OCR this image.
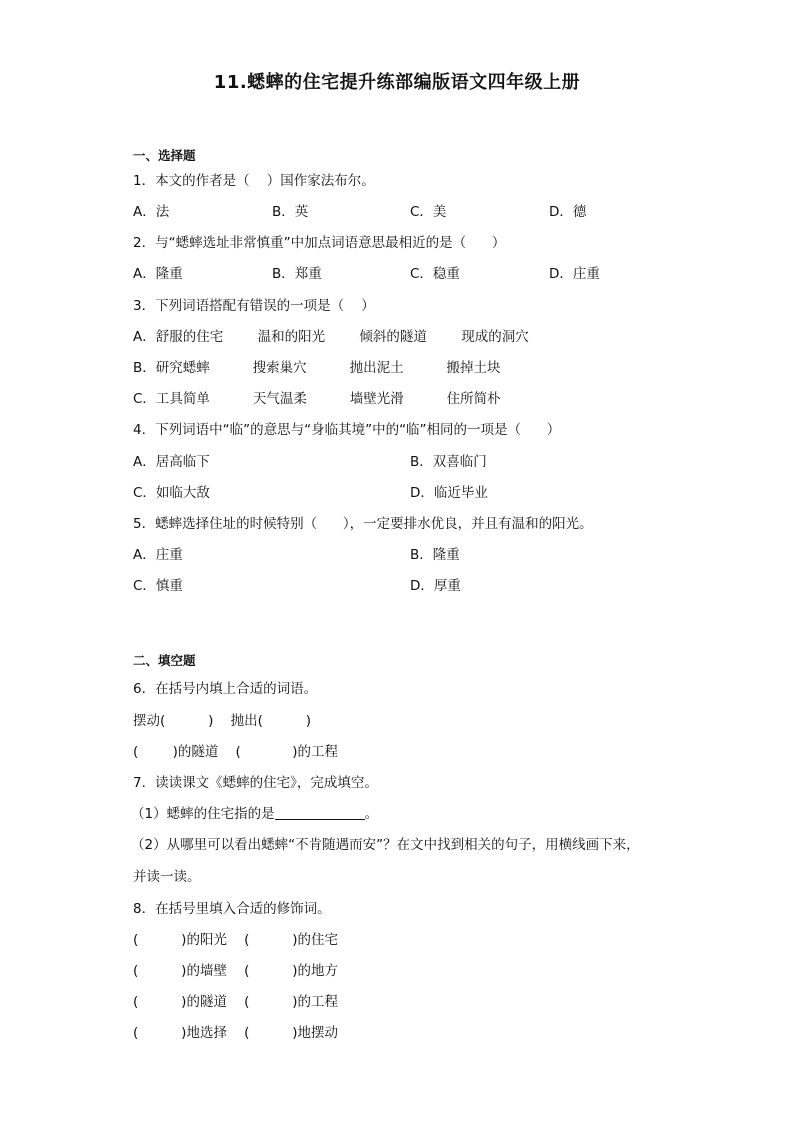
11.蟋蟀的住宅提升练部编版语文四年级上册
一、选择题
1．本文的作者是（    ）国作家法布尔。
A．法	B．英	C．美	D．德
2．与“蟋蟀选址非常慎重”中加点词语意思最相近的是（      ）
A．隆重	B．郑重	C．稳重	D．庄重
3．下列词语搭配有错误的一项是（    ）
A．舒服的住宅        温和的阳光        倾斜的隧道        现成的洞穴
B．研究蟋蟀          搜索巢穴          抛出泥土          搬掉土块
C．工具简单          天气温柔          墙壁光滑          住所简朴
4．下列词语中“临”的意思与“身临其境”中的“临”相同的一项是（      ）
A．居高临下	B．双喜临门
C．如临大敌	D．临近毕业
5．蟋蟀选择住址的时候特别（      ），一定要排水优良，并且有温和的阳光。
A．庄重	B．隆重
C．慎重	D．厚重
二、填空题
6．在括号内填上合适的词语。
摆动(          )    抛出(          )
(        )的隧道    (            )的工程
7．读读课文《蟋蟀的住宅》，完成填空。
（1）蟋蟀的住宅指的是	。
（2）从哪里可以看出蟋蟀“不肯随遇而安”？在文中找到相关的句子，用横线画下来，
并读一读。
8．在括号里填入合适的修饰词。
(          )的阳光    (          )的住宅
(          )的墙壁    (          )的地方
(          )的隧道    (          )的工程
(          )地选择    (          )地摆动
